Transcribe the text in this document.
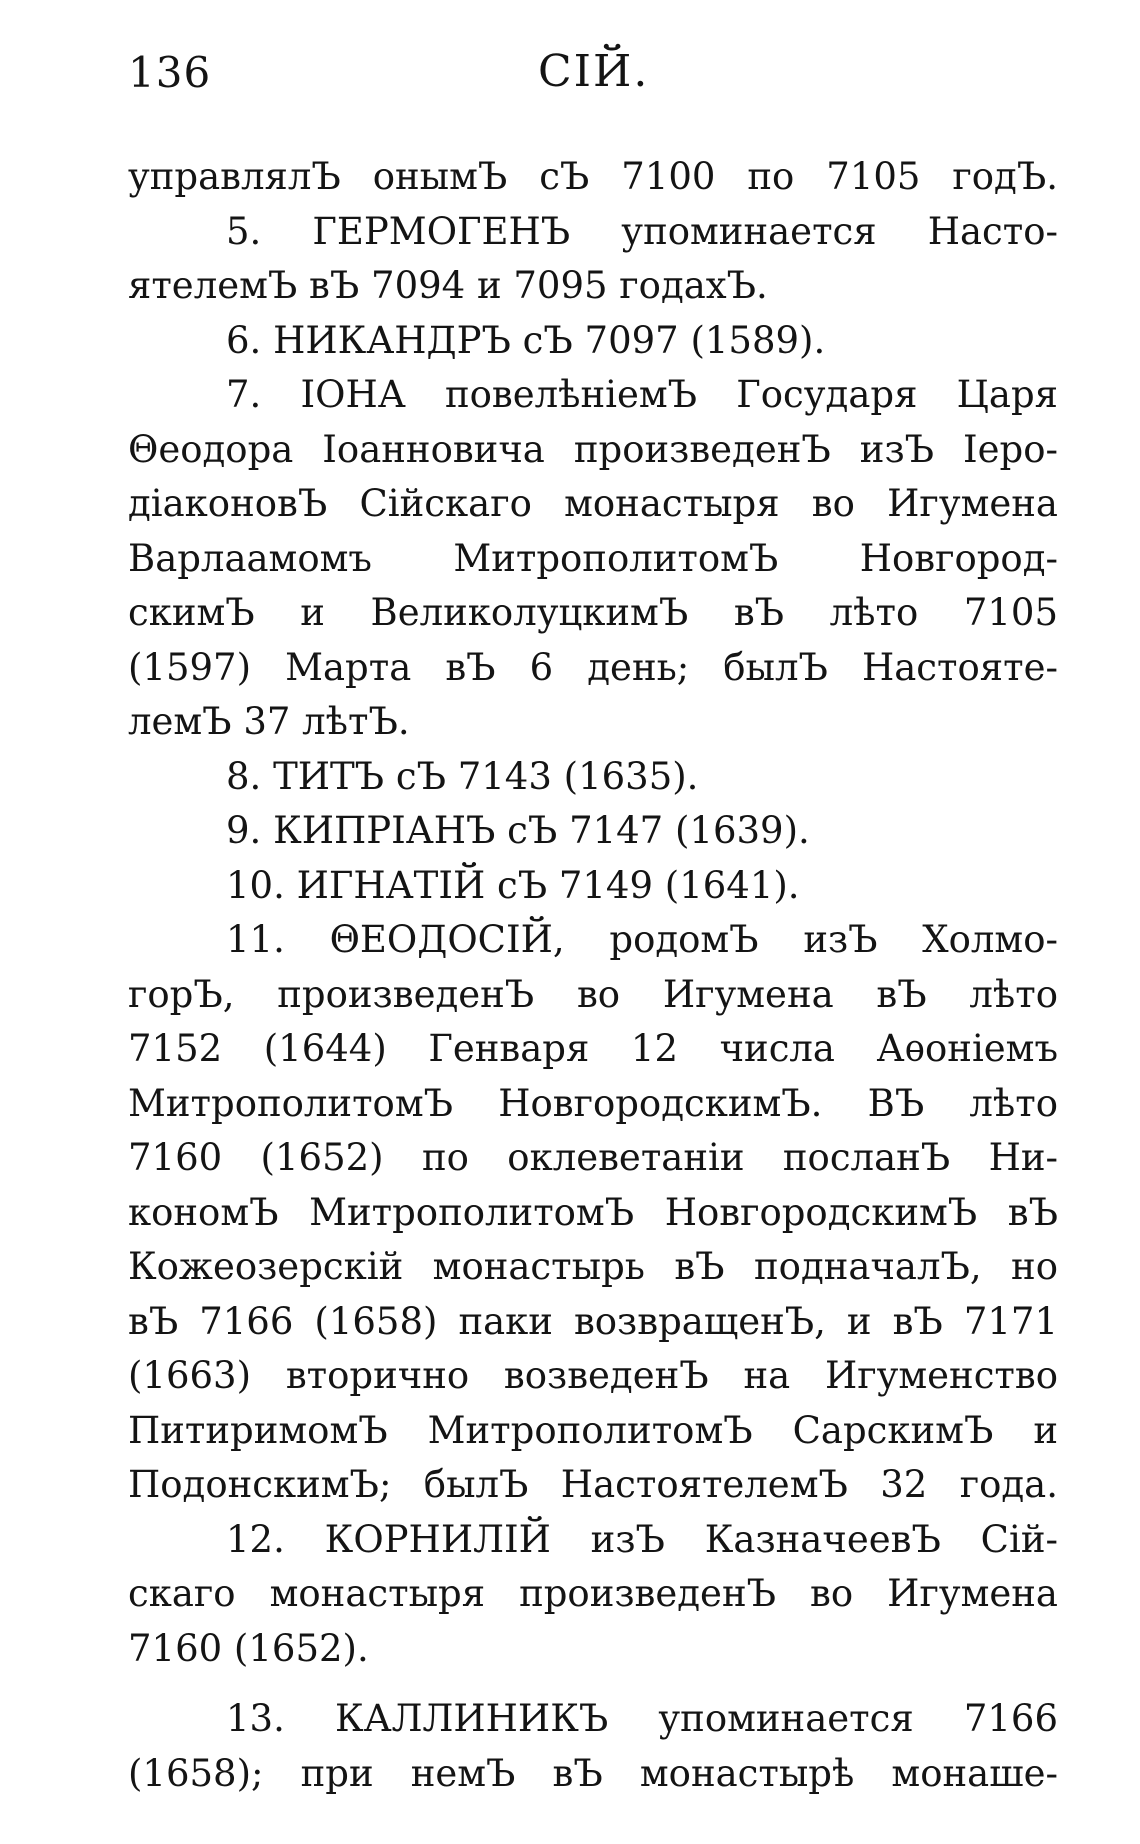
136	СІЙ.
управлялЪ онымЪ сЪ 7100 по 7105 годЪ.
5. ГЕРМОГЕНЪ упоминается Насто-
ятелемЪ вЪ 7094 и 7095 годахЪ.
6. НИКАНДРЪ сЪ 7097 (1589).
7. ІОНА повелѣніемЪ Государя Царя
Θеодора Іоанновича произведенЪ изЪ Іеро-
діаконовЪ Сійскаго монастыря во Игумена
Варлаамомъ МитрополитомЪ Новгород-
скимЪ и ВеликолуцкимЪ вЪ лѣто 7105
(1597) Марта вЪ 6 день; былЪ Настояте-
лемЪ 37 лѣтЪ.
8. ТИТЪ сЪ 7143 (1635).
9. КИПРІАНЪ сЪ 7147 (1639).
10. ИГНАТІЙ сЪ 7149 (1641).
11. ΘЕОДОСІЙ, родомЪ изЪ Холмо-
горЪ, произведенЪ во Игумена вЪ лѣто
7152 (1644) Генваря 12 числа Аѳоніемъ
МитрополитомЪ НовгородскимЪ. ВЪ лѣто
7160 (1652) по оклеветаніи посланЪ Ни-
кономЪ МитрополитомЪ НовгородскимЪ вЪ
Кожеозерскій монастырь вЪ подначалЪ, но
вЪ 7166 (1658) паки возвращенЪ, и вЪ 7171
(1663) вторично возведенЪ на Игуменство
ПитиримомЪ МитрополитомЪ СарскимЪ и
ПодонскимЪ; былЪ НастоятелемЪ 32 года.
12. КОРНИЛІЙ изЪ КазначеевЪ Сій-
скаго монастыря произведенЪ во Игумена
7160 (1652).
13. КАЛЛИНИКЪ упоминается 7166
(1658); при немЪ вЪ монастырѣ монаше-
